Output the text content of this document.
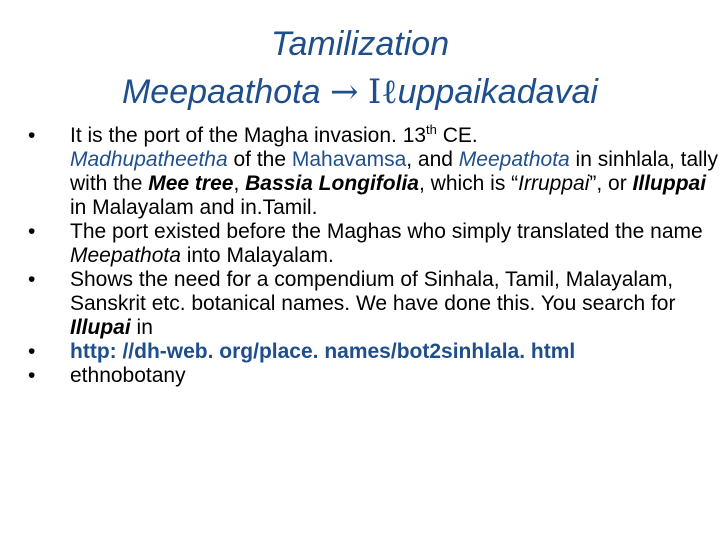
Tamilization
Meepaathota → Iℓuppaikadavai
• It is the port of the Magha invasion. 13th CE.
Madhupatheetha of the Mahavamsa, and Meepathota in sinhlala, tally with the Mee tree, Bassia Longifolia, which is “Irruppai”, or Illuppai in Malayalam and in.Tamil.
• The port existed before the Maghas who simply translated the name Meepathota into Malayalam.
• Shows the need for a compendium of Sinhala, Tamil, Malayalam, Sanskrit etc. botanical names. We have done this. You search for Illupai in
• http: //dh-web. org/place. names/bot2sinhlala. html
• ethnobotany
